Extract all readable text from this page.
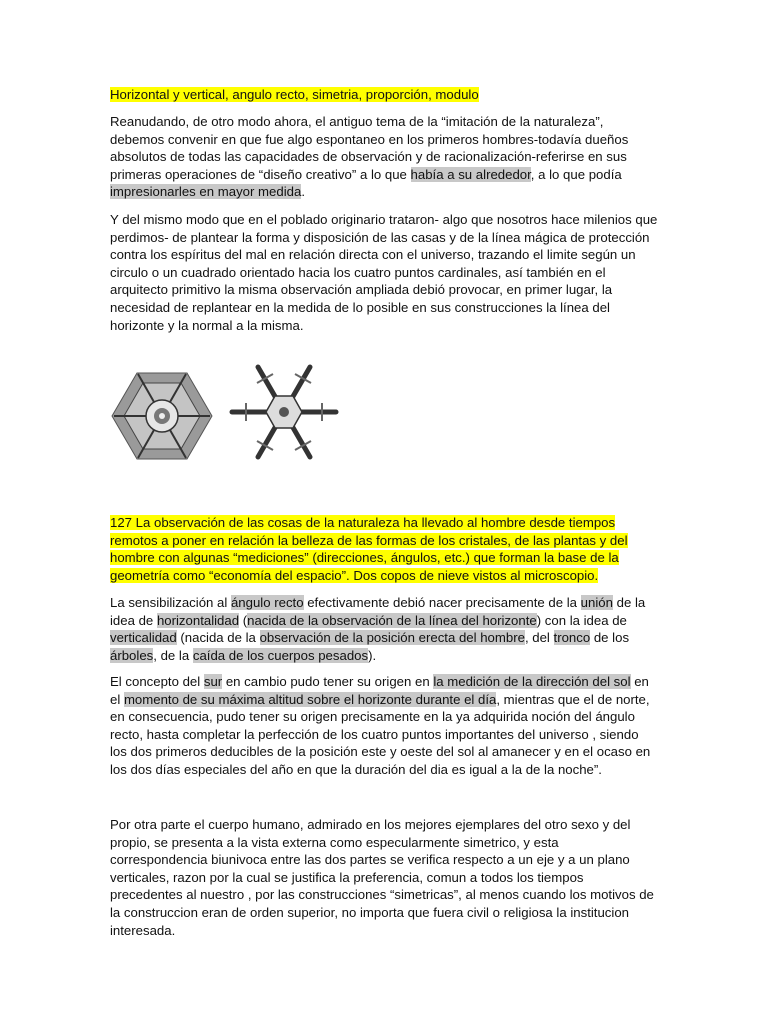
Horizontal y vertical, angulo recto, simetria, proporción, modulo

Reanudando, de otro modo ahora, el antiguo tema de la “imitación de la naturaleza”, debemos convenir en que fue algo espontaneo en los primeros hombres-todavía dueños absolutos de todas las capacidades de observación y de racionalización-referirse en sus primeras operaciones de “diseño creativo” a lo que había a su alrededor, a lo que podía impresionarles en mayor medida.

Y del mismo modo que en el poblado originario trataron- algo que nosotros hace milenios que perdimos- de plantear la forma y disposición de las casas y de la línea mágica de protección contra los espíritus del mal en relación directa con el universo, trazando el limite según un circulo o un cuadrado orientado hacia los cuatro puntos cardinales, así también en el arquitecto primitivo la misma observación ampliada debió provocar, en primer lugar, la necesidad de replantear en la medida de lo posible en sus construcciones la línea del horizonte y la normal a la misma.

127 La observación de las cosas de la naturaleza ha llevado al hombre desde tiempos remotos a poner en relación la belleza de las formas de los cristales, de las plantas y del hombre con algunas “mediciones” (direcciones, ángulos, etc.) que forman la base de la geometría como “economía del espacio”. Dos copos de nieve vistos al microscopio.

La sensibilización al ángulo recto efectivamente debió nacer precisamente de la unión de la idea de horizontalidad (nacida de la observación de la línea del horizonte) con la idea de verticalidad (nacida de la observación de la posición erecta del hombre, del tronco de los árboles, de la caída de los cuerpos pesados).

El concepto del sur en cambio pudo tener su origen en la medición de la dirección del sol en el momento de su máxima altitud sobre el horizonte durante el día, mientras que el de norte, en consecuencia, pudo tener su origen precisamente en la ya adquirida noción del ángulo recto, hasta completar la perfección de los cuatro puntos importantes del universo , siendo los dos primeros deducibles de la posición este y oeste del sol al amanecer y en el ocaso en los dos días especiales del año en que la duración del dia es igual a la de la noche”.

Por otra parte el cuerpo humano, admirado en los mejores ejemplares del otro sexo y del propio, se presenta a la vista externa como especularmente simetrico, y esta correspondencia biunivoca entre las dos partes se verifica respecto a un eje y a un plano verticales, razon por la cual se justifica la preferencia, comun a todos los tiempos precedentes al nuestro , por las construcciones “simetricas”, al menos cuando los motivos de la construccion eran de orden superior, no importa que fuera civil o religiosa la institucion interesada.
